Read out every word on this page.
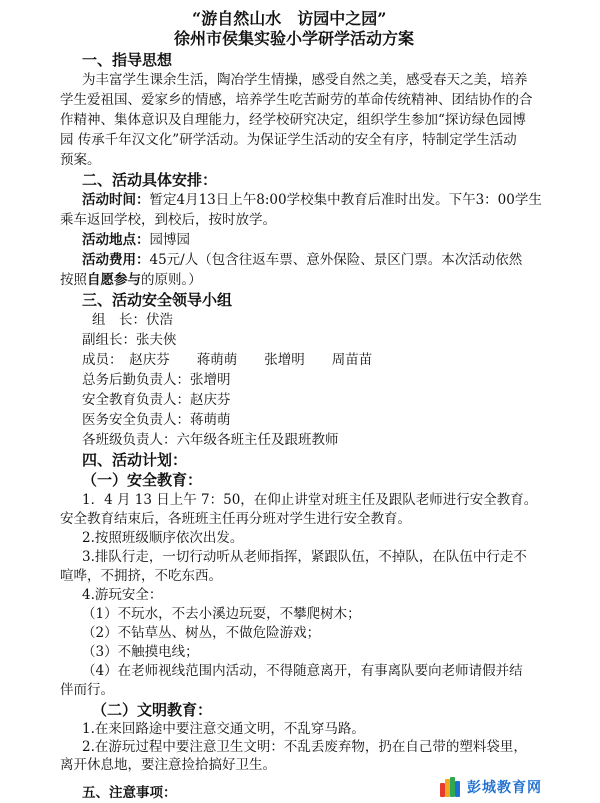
“游自然山水　访园中之园”
徐州市侯集实验小学研学活动方案
一、指导思想
为丰富学生课余生活，陶冶学生情操，感受自然之美，感受春天之美，培养
学生爱祖国、爱家乡的情感，培养学生吃苦耐劳的革命传统精神、团结协作的合
作精神、集体意识及自理能力，经学校研究决定，组织学生参加“探访绿色园博
园 传承千年汉文化”研学活动。为保证学生活动的安全有序，特制定学生活动
预案。
二、活动具体安排：
活动时间：暂定4月13日上午8:00学校集中教育后准时出发。下午3：00学生
乘车返回学校，到校后，按时放学。
活动地点：园博园
活动费用：45元/人（包含往返车票、意外保险、景区门票。本次活动依然
按照自愿参与的原则。）
三、活动安全领导小组
组　长：伏浩
副组长：张夫俠
成员：　赵庆芬　　蒋萌萌　　张增明　　周苗苗
总务后勤负责人：张增明
安全教育负责人：赵庆芬
医务安全负责人：蒋萌萌
各班级负责人：六年级各班主任及跟班教师
四、活动计划：
（一）安全教育：
1．4 月 13 日上午 7：50，在仰止讲堂对班主任及跟队老师进行安全教育。
安全教育结束后，各班班主任再分班对学生进行安全教育。
2.按照班级顺序依次出发。
3.排队行走，一切行动听从老师指挥，紧跟队伍，不掉队，在队伍中行走不
喧哗，不拥挤，不吃东西。
4.游玩安全：
（1）不玩水，不去小溪边玩耍，不攀爬树木；
（2）不钻草丛、树丛，不做危险游戏；
（3）不触摸电线；
（4）在老师视线范围内活动，不得随意离开，有事离队要向老师请假并结
伴而行。
（二）文明教育：
1.在来回路途中要注意交通文明，不乱穿马路。
2.在游玩过程中要注意卫生文明：不乱丢废弃物，扔在自己带的塑料袋里，
离开休息地，要注意捡拾搞好卫生。
五、注意事项：	彭城教育网
